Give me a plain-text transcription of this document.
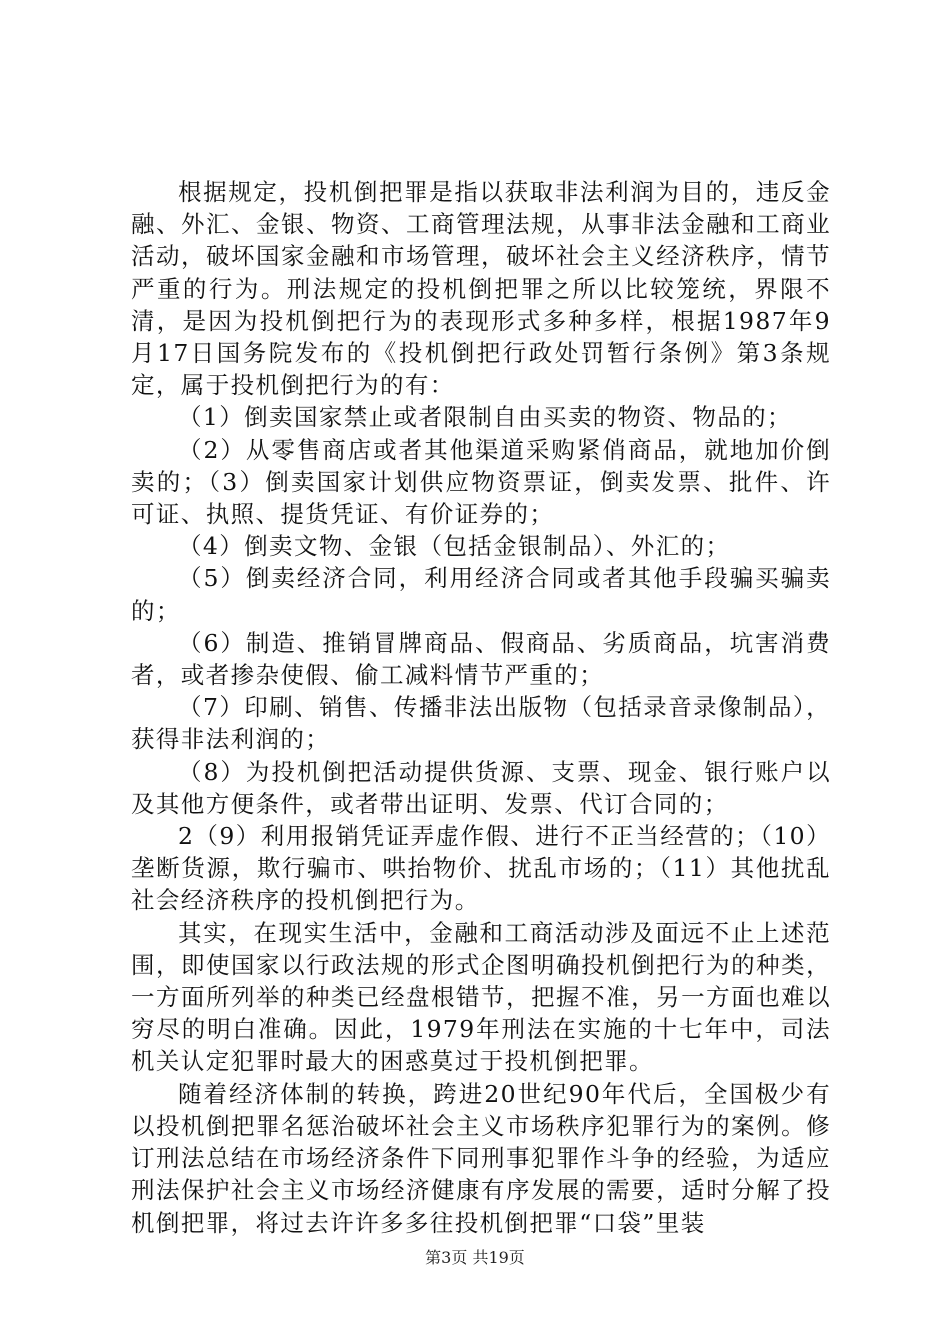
根据规定，投机倒把罪是指以获取非法利润为目的，违反金融、外汇、金银、物资、工商管理法规，从事非法金融和工商业活动，破坏国家金融和市场管理，破坏社会主义经济秩序，情节严重的行为。刑法规定的投机倒把罪之所以比较笼统，界限不清，是因为投机倒把行为的表现形式多种多样，根据1987年9月17日国务院发布的《投机倒把行政处罚暂行条例》第3条规定，属于投机倒把行为的有：

（1）倒卖国家禁止或者限制自由买卖的物资、物品的；

（2）从零售商店或者其他渠道采购紧俏商品，就地加价倒卖的；（3）倒卖国家计划供应物资票证，倒卖发票、批件、许可证、执照、提货凭证、有价证券的；

（4）倒卖文物、金银（包括金银制品）、外汇的；

（5）倒卖经济合同，利用经济合同或者其他手段骗买骗卖的；

（6）制造、推销冒牌商品、假商品、劣质商品，坑害消费者，或者掺杂使假、偷工减料情节严重的；

（7）印刷、销售、传播非法出版物（包括录音录像制品），获得非法利润的；

（8）为投机倒把活动提供货源、支票、现金、银行账户以及其他方便条件，或者带出证明、发票、代订合同的；

2（9）利用报销凭证弄虚作假、进行不正当经营的；（10）垄断货源，欺行骗市、哄抬物价、扰乱市场的；（11）其他扰乱社会经济秩序的投机倒把行为。

其实，在现实生活中，金融和工商活动涉及面远不止上述范围，即使国家以行政法规的形式企图明确投机倒把行为的种类，一方面所列举的种类已经盘根错节，把握不准，另一方面也难以穷尽的明白准确。因此，1979年刑法在实施的十七年中，司法机关认定犯罪时最大的困惑莫过于投机倒把罪。

随着经济体制的转换，跨进20世纪90年代后，全国极少有以投机倒把罪名惩治破坏社会主义市场秩序犯罪行为的案例。修订刑法总结在市场经济条件下同刑事犯罪作斗争的经验，为适应刑法保护社会主义市场经济健康有序发展的需要，适时分解了投机倒把罪，将过去许许多多往投机倒把罪“口袋”里装

第3页 共19页
